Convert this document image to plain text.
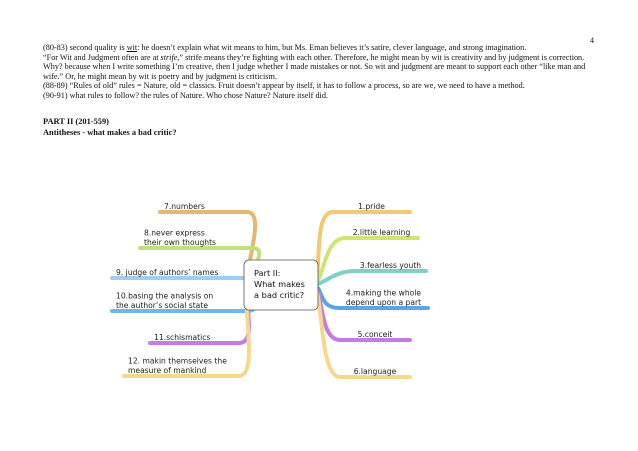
4

(80-83) second quality is wit: he doesn’t explain what wit means to him, but Ms. Eman believes it’s satire, clever language, and strong imagination.

“For Wit and Judgment often are at strife,” strife means they’re fighting with each other. Therefore, he might mean by wit is creativity and by judgment is correction. Why? because when I write something I’m creative, then I judge whether I made mistakes or not. So wit and judgment are meant to support each other “like man and wife.” Or, he might mean by wit is poetry and by judgment is criticism.

(88-89) “Rules of old” rules = Nature, old = classics. Fruit doesn’t appear by itself, it has to follow a process, so are we, we need to have a method.

(90-91) what rules to follow? the rules of Nature. Who chose Nature? Nature itself did.

PART II (201-559)
Antitheses - what makes a bad critic?
Part II:
What makes
a bad critic?
7.numbers
8.never express
their own thoughts
9. judge of authors’ names
10.basing the analysis on
the author’s social state
11.schismatics
12. makin themselves the
measure of mankind
1.pride
2.little learning
3.fearless youth
4.making the whole
depend upon a part
5.conceit
6.language
